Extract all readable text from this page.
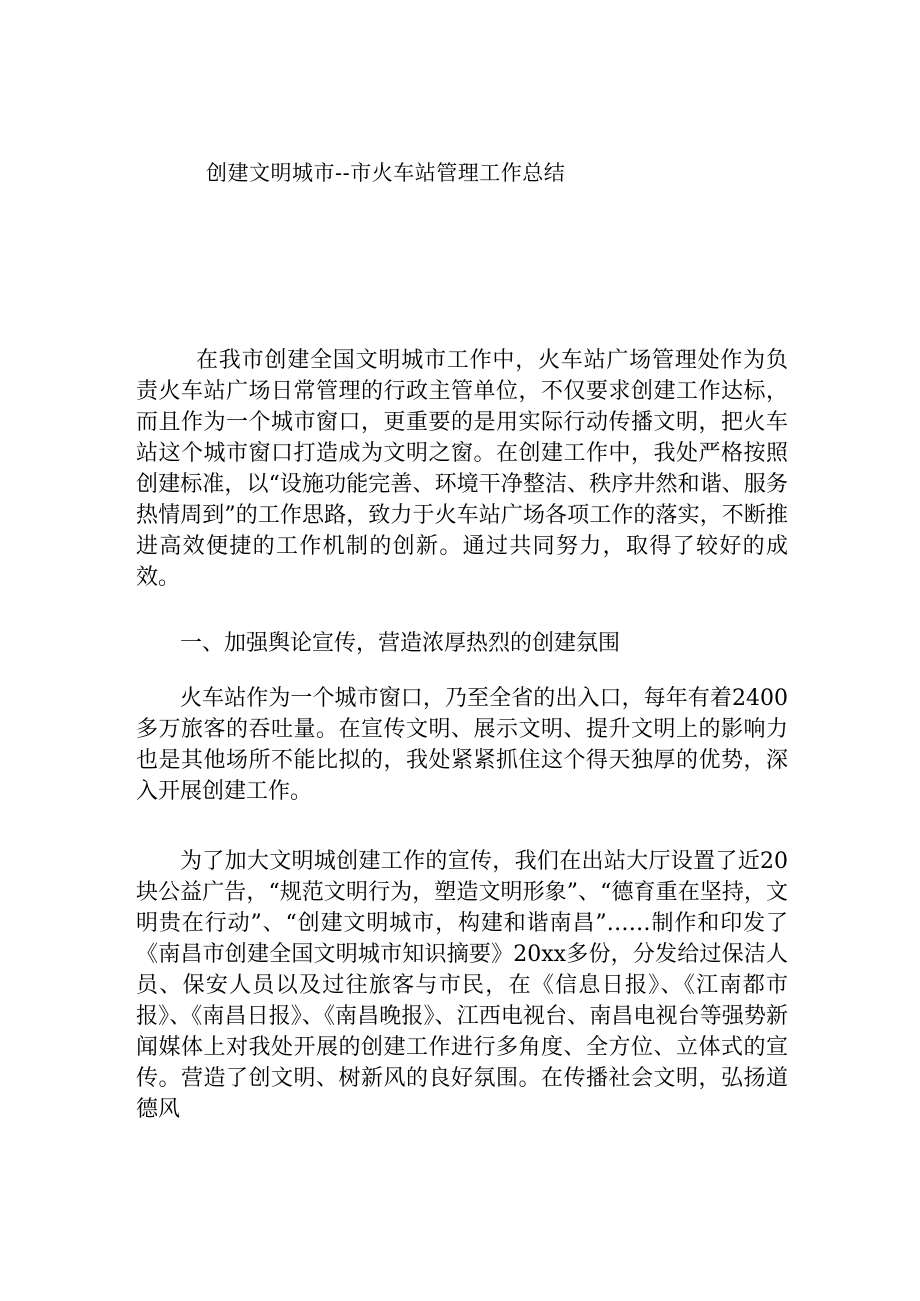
创建文明城市--市火车站管理工作总结

在我市创建全国文明城市工作中，火车站广场管理处作为负责火车站广场日常管理的行政主管单位，不仅要求创建工作达标，而且作为一个城市窗口，更重要的是用实际行动传播文明，把火车站这个城市窗口打造成为文明之窗。在创建工作中，我处严格按照创建标准，以“设施功能完善、环境干净整洁、秩序井然和谐、服务热情周到”的工作思路，致力于火车站广场各项工作的落实，不断推进高效便捷的工作机制的创新。通过共同努力，取得了较好的成效。

一、加强舆论宣传，营造浓厚热烈的创建氛围

火车站作为一个城市窗口，乃至全省的出入口，每年有着2400多万旅客的吞吐量。在宣传文明、展示文明、提升文明上的影响力也是其他场所不能比拟的，我处紧紧抓住这个得天独厚的优势，深入开展创建工作。

为了加大文明城创建工作的宣传，我们在出站大厅设置了近20块公益广告，“规范文明行为，塑造文明形象”、“德育重在坚持，文明贵在行动”、“创建文明城市，构建和谐南昌”……制作和印发了《南昌市创建全国文明城市知识摘要》20xx多份，分发给过保洁人员、保安人员以及过往旅客与市民，在《信息日报》、《江南都市报》、《南昌日报》、《南昌晚报》、江西电视台、南昌电视台等强势新闻媒体上对我处开展的创建工作进行多角度、全方位、立体式的宣传。营造了创文明、树新风的良好氛围。在传播社会文明，弘扬道德风
